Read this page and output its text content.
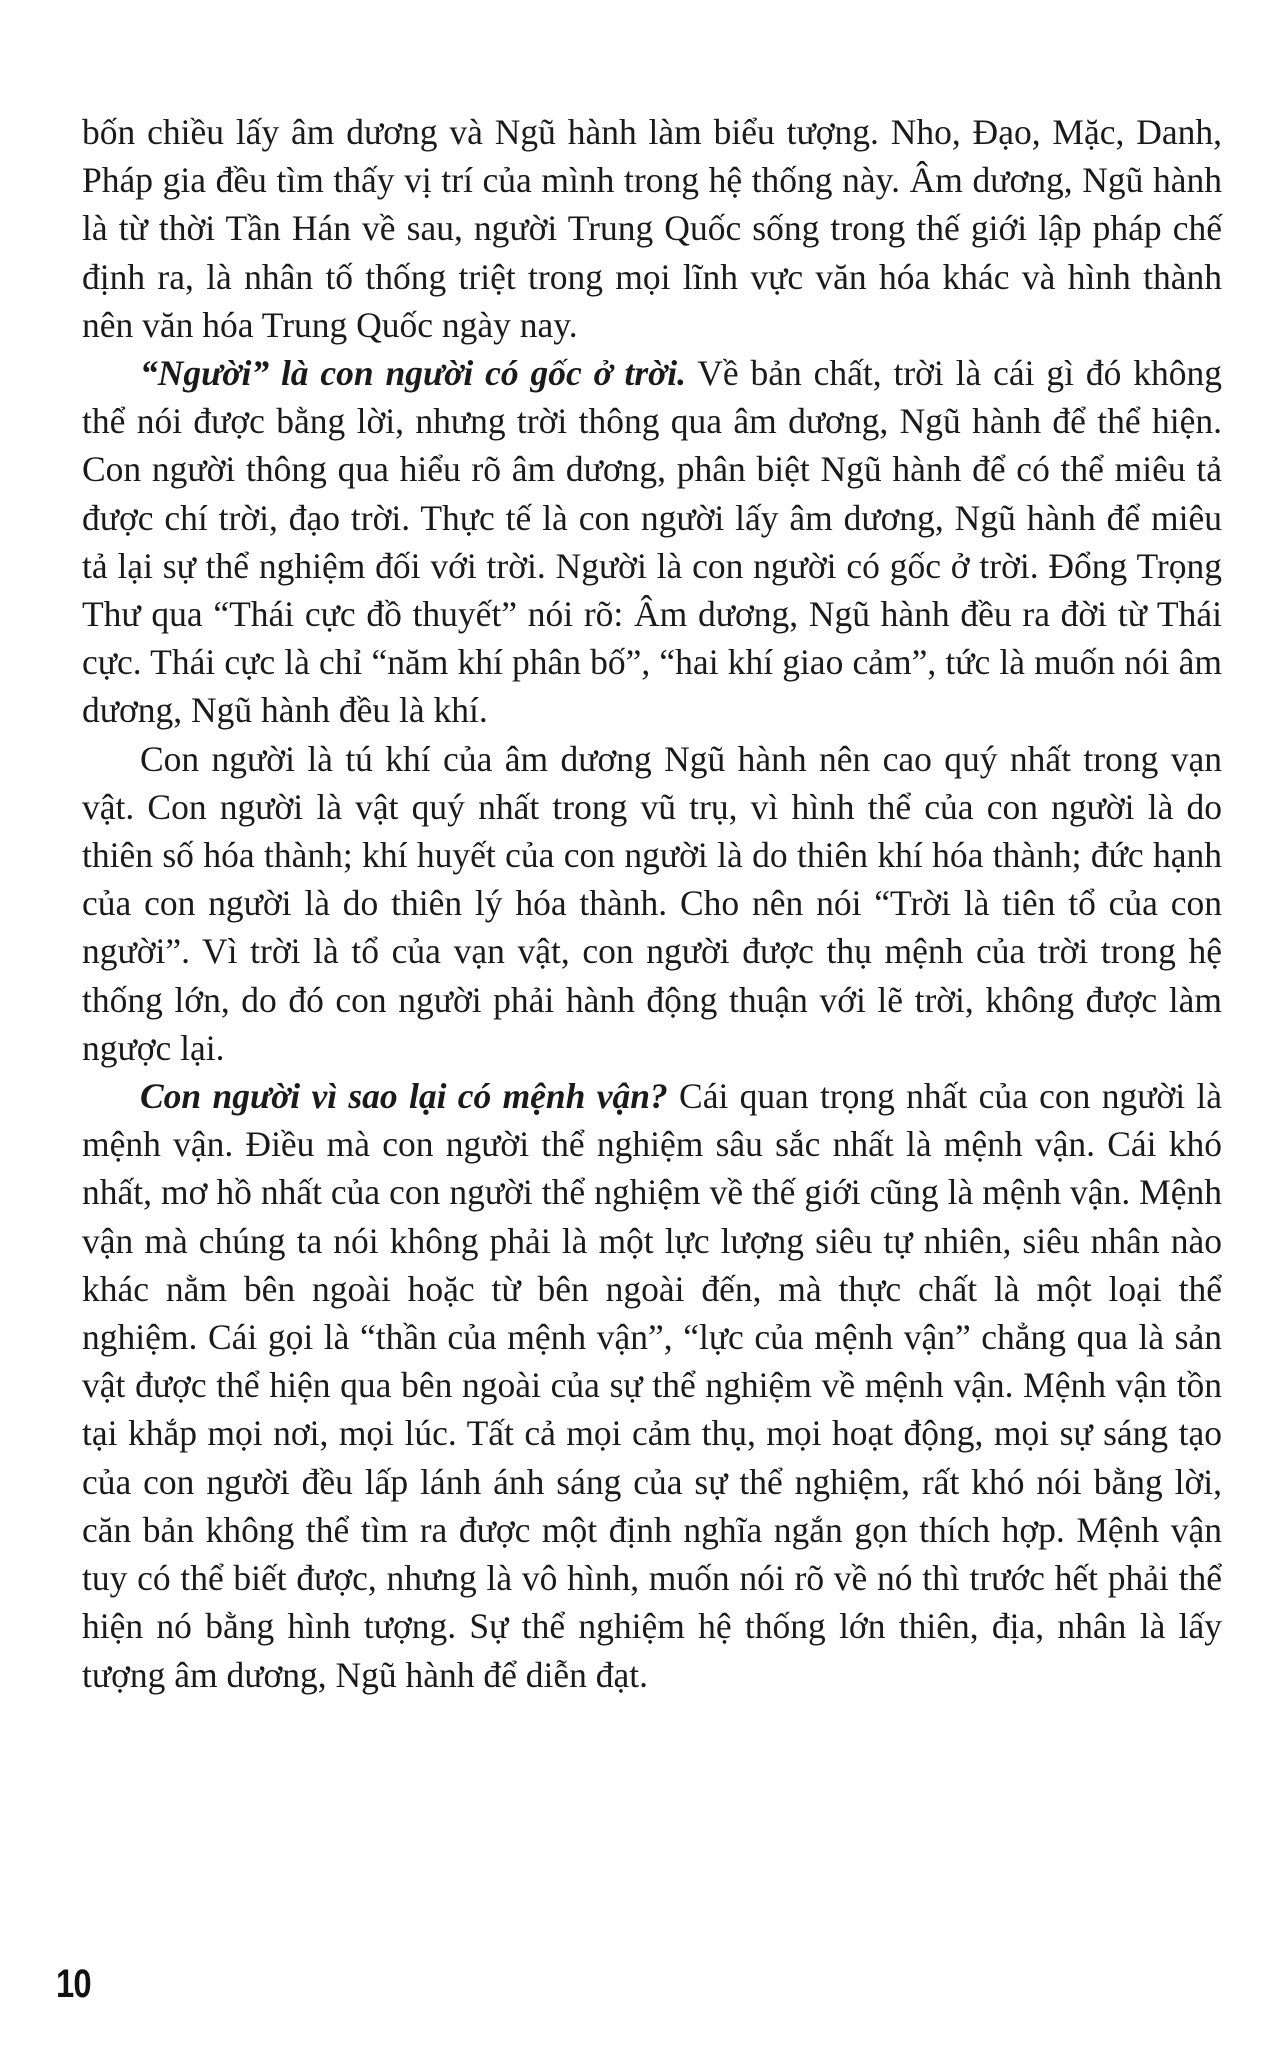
bốn chiều lấy âm dương và Ngũ hành làm biểu tượng. Nho, Đạo, Mặc, Danh, Pháp gia đều tìm thấy vị trí của mình trong hệ thống này. Âm dương, Ngũ hành là từ thời Tần Hán về sau, người Trung Quốc sống trong thế giới lập pháp chế định ra, là nhân tố thống triệt trong mọi lĩnh vực văn hóa khác và hình thành nên văn hóa Trung Quốc ngày nay.

“Người” là con người có gốc ở trời. Về bản chất, trời là cái gì đó không thể nói được bằng lời, nhưng trời thông qua âm dương, Ngũ hành để thể hiện. Con người thông qua hiểu rõ âm dương, phân biệt Ngũ hành để có thể miêu tả được chí trời, đạo trời. Thực tế là con người lấy âm dương, Ngũ hành để miêu tả lại sự thể nghiệm đối với trời. Người là con người có gốc ở trời. Đổng Trọng Thư qua “Thái cực đồ thuyết” nói rõ: Âm dương, Ngũ hành đều ra đời từ Thái cực. Thái cực là chỉ “năm khí phân bố”, “hai khí giao cảm”, tức là muốn nói âm dương, Ngũ hành đều là khí.

Con người là tú khí của âm dương Ngũ hành nên cao quý nhất trong vạn vật. Con người là vật quý nhất trong vũ trụ, vì hình thể của con người là do thiên số hóa thành; khí huyết của con người là do thiên khí hóa thành; đức hạnh của con người là do thiên lý hóa thành. Cho nên nói “Trời là tiên tổ của con người”. Vì trời là tổ của vạn vật, con người được thụ mệnh của trời trong hệ thống lớn, do đó con người phải hành động thuận với lẽ trời, không được làm ngược lại.

Con người vì sao lại có mệnh vận? Cái quan trọng nhất của con người là mệnh vận. Điều mà con người thể nghiệm sâu sắc nhất là mệnh vận. Cái khó nhất, mơ hồ nhất của con người thể nghiệm về thế giới cũng là mệnh vận. Mệnh vận mà chúng ta nói không phải là một lực lượng siêu tự nhiên, siêu nhân nào khác nằm bên ngoài hoặc từ bên ngoài đến, mà thực chất là một loại thể nghiệm. Cái gọi là “thần của mệnh vận”, “lực của mệnh vận” chẳng qua là sản vật được thể hiện qua bên ngoài của sự thể nghiệm về mệnh vận. Mệnh vận tồn tại khắp mọi nơi, mọi lúc. Tất cả mọi cảm thụ, mọi hoạt động, mọi sự sáng tạo của con người đều lấp lánh ánh sáng của sự thể nghiệm, rất khó nói bằng lời, căn bản không thể tìm ra được một định nghĩa ngắn gọn thích hợp. Mệnh vận tuy có thể biết được, nhưng là vô hình, muốn nói rõ về nó thì trước hết phải thể hiện nó bằng hình tượng. Sự thể nghiệm hệ thống lớn thiên, địa, nhân là lấy tượng âm dương, Ngũ hành để diễn đạt.

10
